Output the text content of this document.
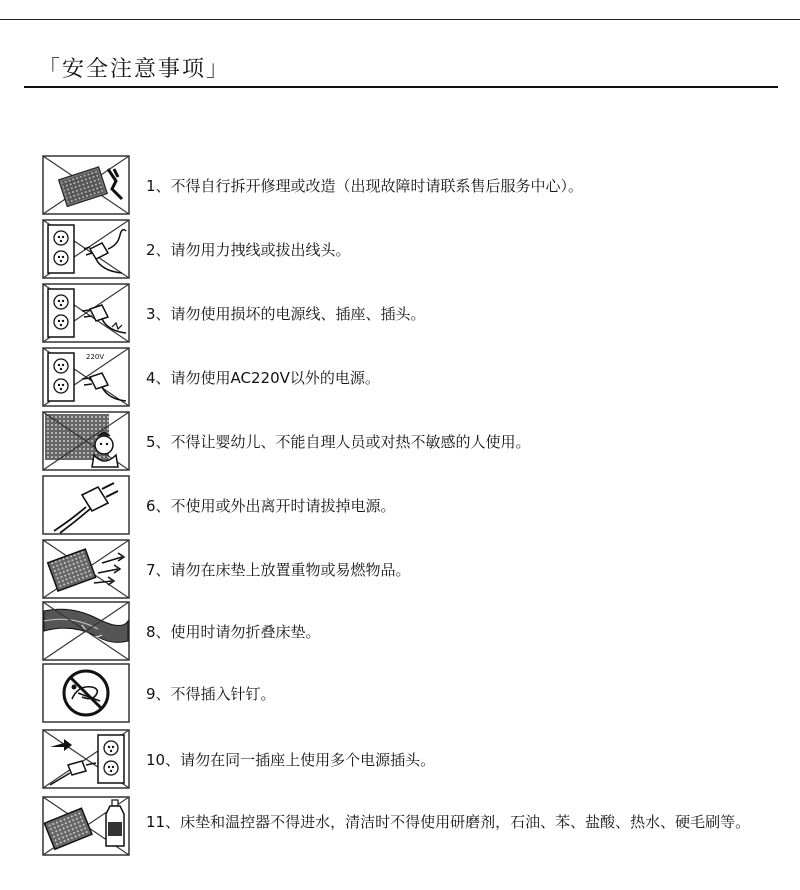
「安全注意事项」
1、不得自行拆开修理或改造（出现故障时请联系售后服务中心）。
2、请勿用力拽线或拔出线头。
3、请勿使用损坏的电源线、插座、插头。
220V
4、请勿使用AC220V以外的电源。
5、不得让婴幼儿、不能自理人员或对热不敏感的人使用。
6、不使用或外出离开时请拔掉电源。
7、请勿在床垫上放置重物或易燃物品。
8、使用时请勿折叠床垫。
9、不得插入针钉。
10、请勿在同一插座上使用多个电源插头。
11、床垫和温控器不得进水，清洁时不得使用研磨剂，石油、苯、盐酸、热水、硬毛刷等。
